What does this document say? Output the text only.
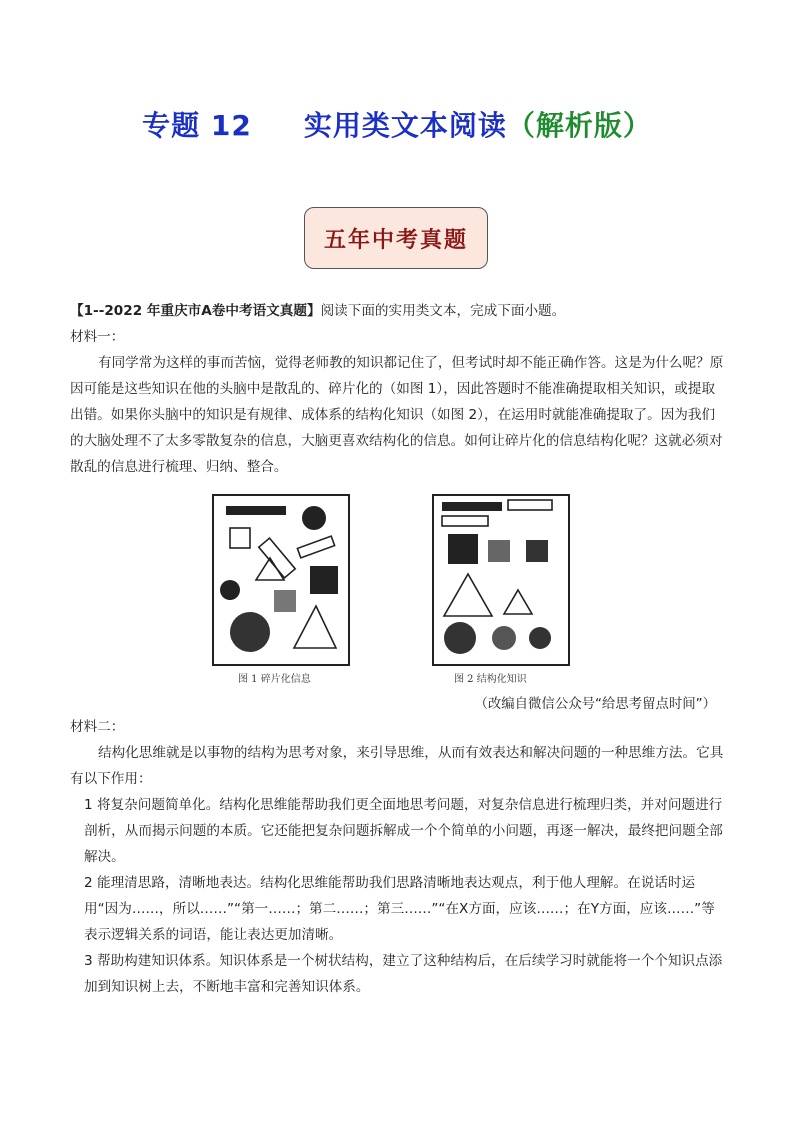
专题 12 实用类文本阅读（解析版）
五年中考真题

【1--2022 年重庆市A卷中考语文真题】阅读下面的实用类文本，完成下面小题。

材料一：

有同学常为这样的事而苦恼，觉得老师教的知识都记住了，但考试时却不能正确作答。这是为什么呢？原因可能是这些知识在他的头脑中是散乱的、碎片化的（如图 1），因此答题时不能准确提取相关知识，或提取出错。如果你头脑中的知识是有规律、成体系的结构化知识（如图 2），在运用时就能准确提取了。因为我们的大脑处理不了太多零散复杂的信息，大脑更喜欢结构化的信息。如何让碎片化的信息结构化呢？这就必须对散乱的信息进行梳理、归纳、整合。

图 1 碎片化信息	图 2 结构化知识
（改编自微信公众号“给思考留点时间”）

材料二：

结构化思维就是以事物的结构为思考对象，来引导思维，从而有效表达和解决问题的一种思维方法。它具有以下作用：

1 将复杂问题简单化。结构化思维能帮助我们更全面地思考问题，对复杂信息进行梳理归类，并对问题进行剖析，从而揭示问题的本质。它还能把复杂问题拆解成一个个简单的小问题，再逐一解决，最终把问题全部解决。

2 能理清思路，清晰地表达。结构化思维能帮助我们思路清晰地表达观点，利于他人理解。在说话时运用“因为……，所以……”“第一……；第二……；第三……”“在X方面，应该……；在Y方面，应该……”等表示逻辑关系的词语，能让表达更加清晰。

3 帮助构建知识体系。知识体系是一个树状结构，建立了这种结构后，在后续学习时就能将一个个知识点添加到知识树上去，不断地丰富和完善知识体系。
